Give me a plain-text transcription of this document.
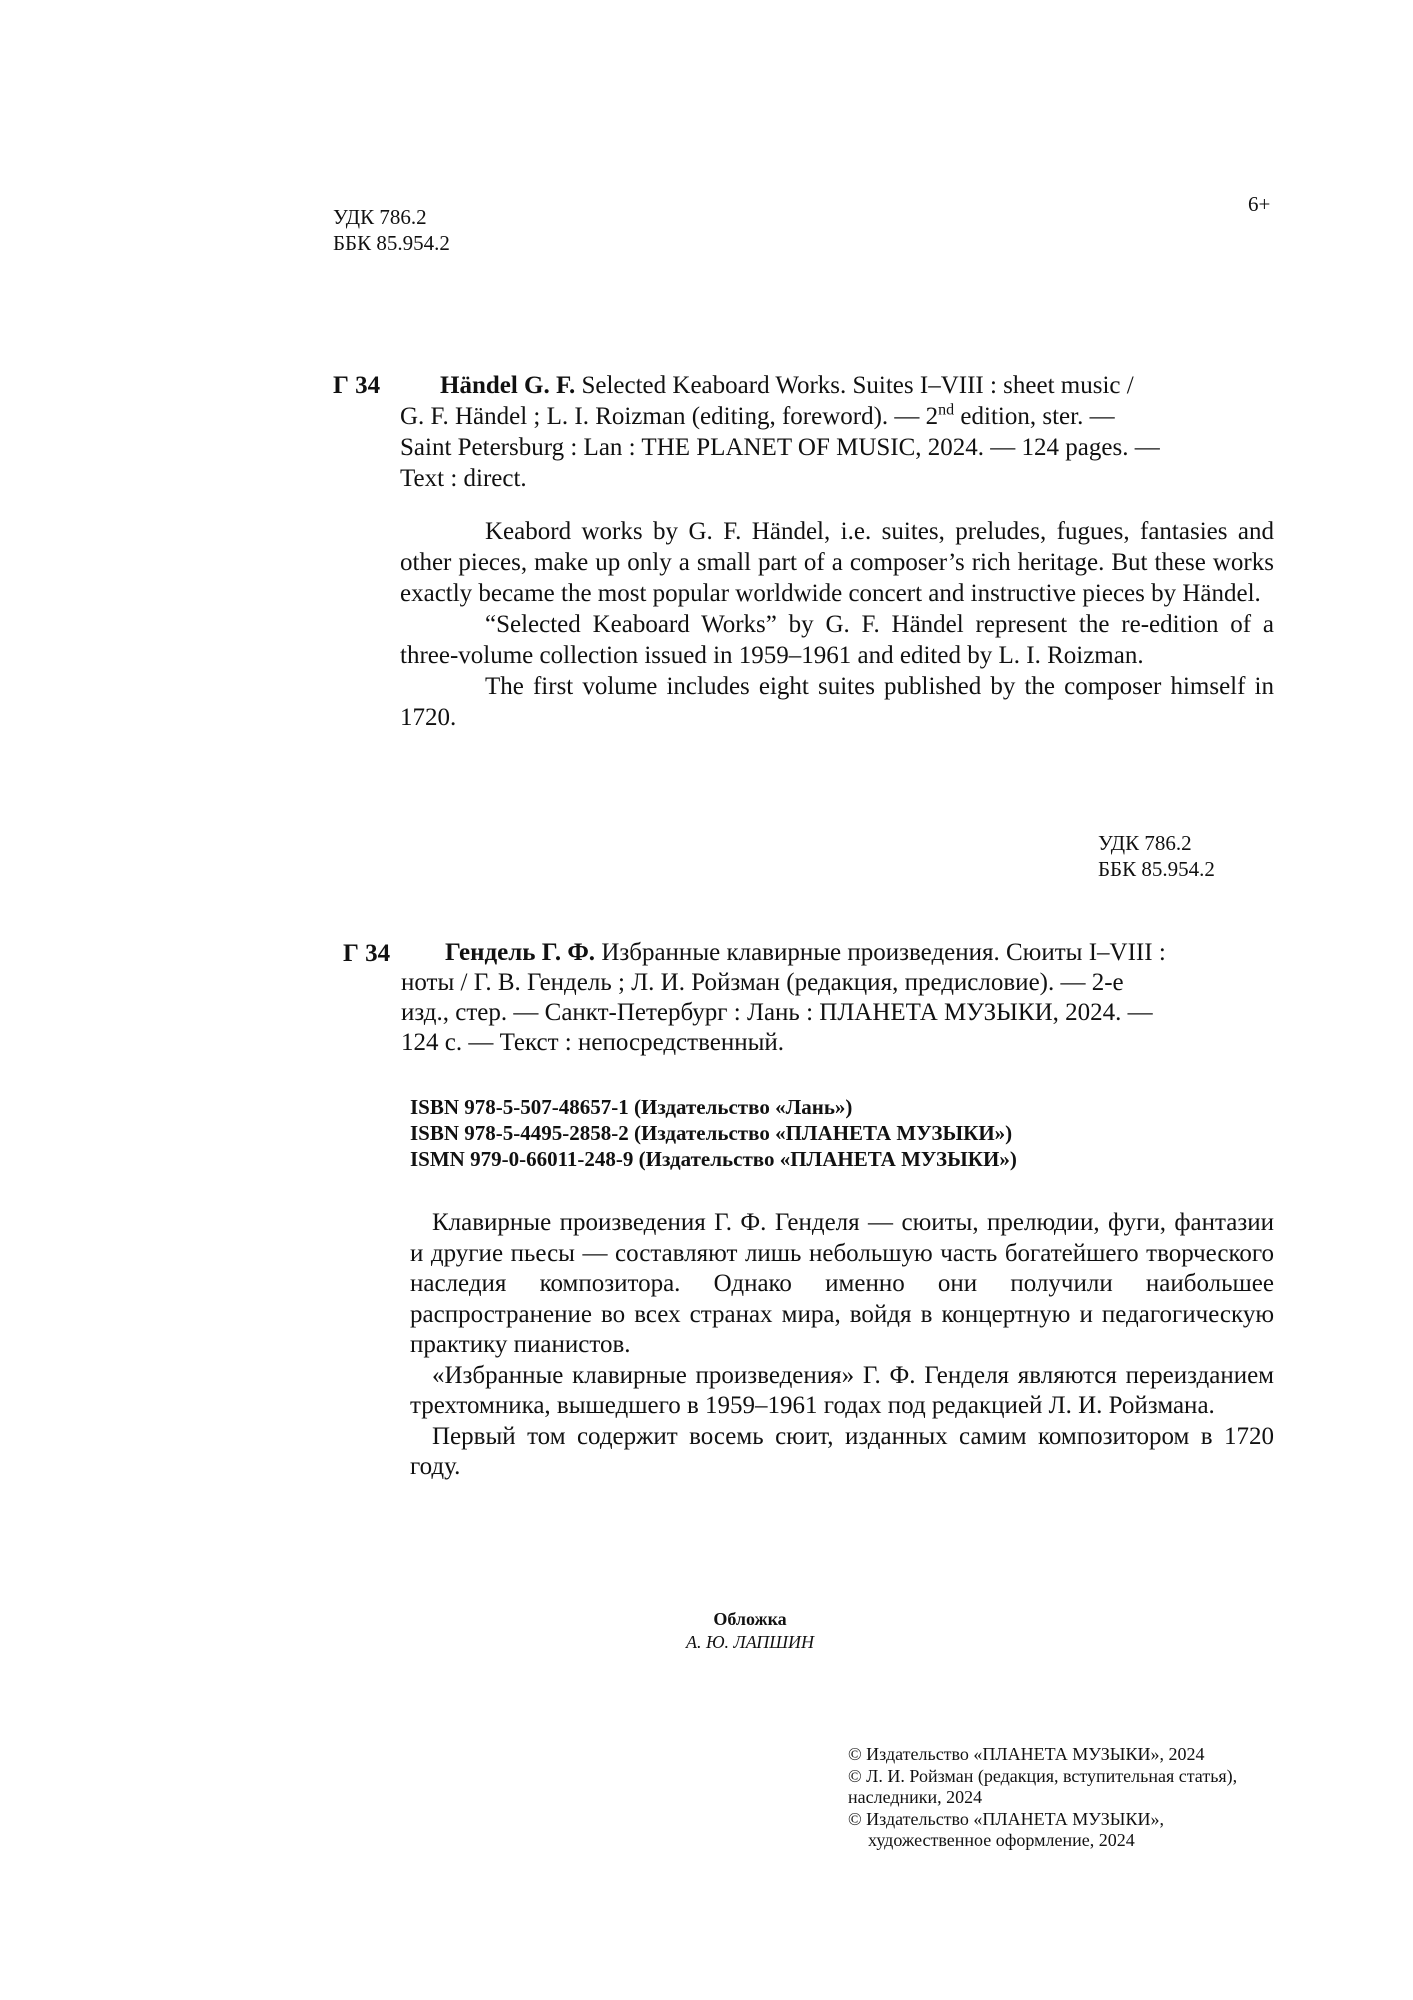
УДК 786.2
ББК 85.954.2
6+
Г 34 Händel G. F. Selected Keaboard Works. Suites I–VIII : sheet music /

G. F. Händel ; L. I. Roizman (editing, foreword). — 2nd edition, ster. —

Saint Petersburg : Lan : THE PLANET OF MUSIC, 2024. — 124 pages. —

Text : direct.

Keabord works by G. F. Händel, i.e. suites, preludes, fugues, fantasies and other pieces, make up only a small part of a composer’s rich heritage. But these works exactly became the most popular worldwide concert and instructive pieces by Händel.

“Selected Keaboard Works” by G. F. Händel represent the re-edition of a three-volume collection issued in 1959–1961 and edited by L. I. Roizman.

The first volume includes eight suites published by the composer himself in 1720.

УДК 786.2
ББК 85.954.2
Г 34 Гендель Г. Ф. Избранные клавирные произведения. Сюиты I–VIII :

ноты / Г. В. Гендель ; Л. И. Ройзман (редакция, предисловие). — 2-е

изд., стер. — Санкт-Петербург : Лань : ПЛАНЕТА МУЗЫКИ, 2024. —

124 с. — Текст : непосредственный.

ISBN 978-5-507-48657-1 (Издательство «Лань»)
ISBN 978-5-4495-2858-2 (Издательство «ПЛАНЕТА МУЗЫКИ»)
ISMN 979-0-66011-248-9 (Издательство «ПЛАНЕТА МУЗЫКИ»)

Клавирные произведения Г. Ф. Генделя — сюиты, прелюдии, фуги, фантазии и другие пьесы — составляют лишь небольшую часть богатейшего творческого наследия композитора. Однако именно они получили наибольшее распространение во всех странах мира, войдя в концертную и педагогическую практику пианистов.

«Избранные клавирные произведения» Г. Ф. Генделя являются переизданием трехтомника, вышедшего в 1959–1961 годах под редакцией Л. И. Ройзмана.

Первый том содержит восемь сюит, изданных самим композитором в 1720 году.

Обложка
А. Ю. ЛАПШИН
© Издательство «ПЛАНЕТА МУЗЫКИ», 2024
© Л. И. Ройзман (редакция, вступительная статья),
наследники, 2024
© Издательство «ПЛАНЕТА МУЗЫКИ»,
художественное оформление, 2024
